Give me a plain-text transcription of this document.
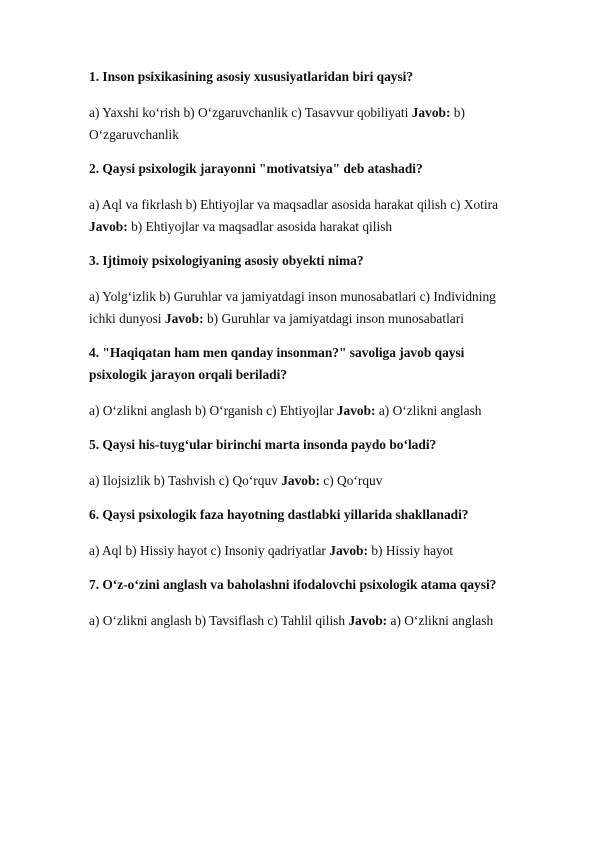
1. Inson psixikasining asosiy xususiyatlaridan biri qaysi?

a) Yaxshi ko‘rish b) O‘zgaruvchanlik c) Tasavvur qobiliyati Javob: b) O‘zgaruvchanlik

2. Qaysi psixologik jarayonni "motivatsiya" deb atashadi?

a) Aql va fikrlash b) Ehtiyojlar va maqsadlar asosida harakat qilish c) Xotira Javob: b) Ehtiyojlar va maqsadlar asosida harakat qilish

3. Ijtimoiy psixologiyaning asosiy obyekti nima?

a) Yolg‘izlik b) Guruhlar va jamiyatdagi inson munosabatlari c) Individning ichki dunyosi Javob: b) Guruhlar va jamiyatdagi inson munosabatlari

4. "Haqiqatan ham men qanday insonman?" savoliga javob qaysi psixologik jarayon orqali beriladi?

a) O‘zlikni anglash b) O‘rganish c) Ehtiyojlar Javob: a) O‘zlikni anglash

5. Qaysi his-tuyg‘ular birinchi marta insonda paydo bo‘ladi?

a) Ilojsizlik b) Tashvish c) Qo‘rquv Javob: c) Qo‘rquv

6. Qaysi psixologik faza hayotning dastlabki yillarida shakllanadi?

a) Aql b) Hissiy hayot c) Insoniy qadriyatlar Javob: b) Hissiy hayot

7. O‘z-o‘zini anglash va baholashni ifodalovchi psixologik atama qaysi?

a) O‘zlikni anglash b) Tavsiflash c) Tahlil qilish Javob: a) O‘zlikni anglash
